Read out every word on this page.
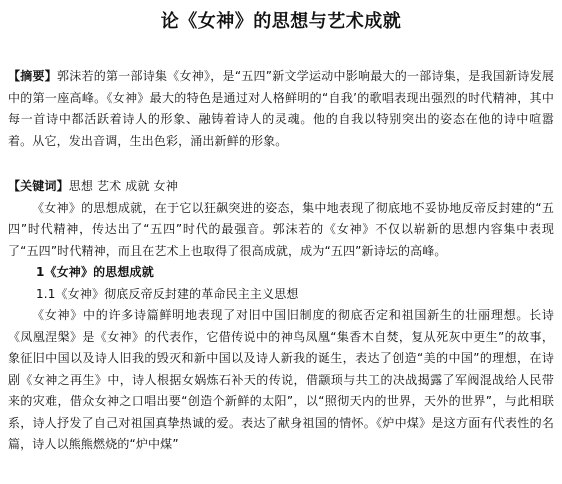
论《女神》的思想与艺术成就

【摘要】郭沫若的第一部诗集《女神》，是“五四”新文学运动中影响最大的一部诗集，是我国新诗发展中的第一座高峰。《女神》最大的特色是通过对人格鲜明的“自我’的歌唱表现出强烈的时代精神，其中每一首诗中都活跃着诗人的形象、融铸着诗人的灵魂。他的自我以特别突出的姿态在他的诗中喧嚣着。从它，发出音调，生出色彩，涌出新鲜的形象。

【关键词】思想 艺术 成就 女神

《女神》的思想成就，在于它以狂飙突进的姿态，集中地表现了彻底地不妥协地反帝反封建的“五四”时代精神，传达出了“五四”时代的最强音。郭沫若的《女神》不仅以崭新的思想内容集中表现了“五四”时代精神，而且在艺术上也取得了很高成就，成为“五四”新诗坛的高峰。

1《女神》的思想成就

1.1《女神》彻底反帝反封建的革命民主主义思想

《女神》中的许多诗篇鲜明地表现了对旧中国旧制度的彻底否定和祖国新生的壮丽理想。长诗《凤凰涅槃》是《女神》的代表作，它借传说中的神鸟凤凰“集香木自焚，复从死灰中更生”的故事，象征旧中国以及诗人旧我的毁灭和新中国以及诗人新我的诞生，表达了创造“美的中国”的理想，在诗剧《女神之再生》中，诗人根据女娲炼石补天的传说，借颛顼与共工的决战揭露了军阀混战给人民带来的灾难，借众女神之口唱出要“创造个新鲜的太阳”，以“照彻天内的世界，天外的世界”，与此相联系，诗人抒发了自己对祖国真挚热诚的爱。表达了献身祖国的情怀。《炉中煤》是这方面有代表性的名篇，诗人以熊熊燃烧的“炉中煤”
